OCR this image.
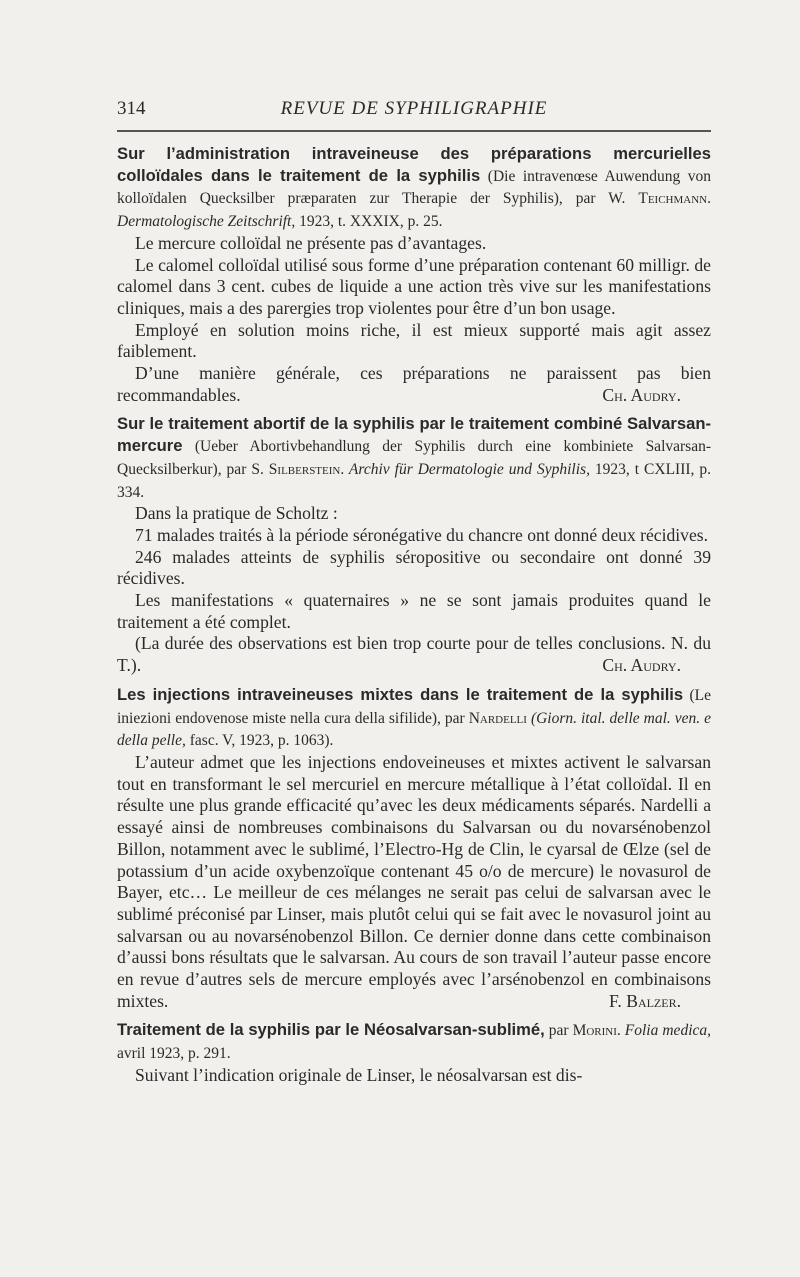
314	REVUE DE SYPHILIGRAPHIE

Sur l’administration intraveineuse des préparations mercurielles colloïdales dans le traitement de la syphilis (Die intravenœse Auwendung von kolloïdalen Quecksilber præparaten zur Therapie der Syphilis), par W. Teichmann. Dermatologische Zeitschrift, 1923, t. XXXIX, p. 25.

Le mercure colloïdal ne présente pas d’avantages.

Le calomel colloïdal utilisé sous forme d’une préparation contenant 60 milligr. de calomel dans 3 cent. cubes de liquide a une action très vive sur les manifestations cliniques, mais a des parergies trop violentes pour être d’un bon usage.

Employé en solution moins riche, il est mieux supporté mais agit assez faiblement.

D’une manière générale, ces préparations ne paraissent pas bien recommandables.	Ch. Audry.

Sur le traitement abortif de la syphilis par le traitement combiné Salvarsan-mercure (Ueber Abortivbehandlung der Syphilis durch eine kombiniete Salvarsan-Quecksilberkur), par S. Silberstein. Archiv für Dermatologie und Syphilis, 1923, t CXLIII, p. 334.

Dans la pratique de Scholtz :

71 malades traités à la période séronégative du chancre ont donné deux récidives.

246 malades atteints de syphilis séropositive ou secondaire ont donné 39 récidives.

Les manifestations « quaternaires » ne se sont jamais produites quand le traitement a été complet.

(La durée des observations est bien trop courte pour de telles conclusions. N. du T.).	Ch. Audry.

Les injections intraveineuses mixtes dans le traitement de la syphilis (Le iniezioni endovenose miste nella cura della sifilide), par Nardelli (Giorn. ital. delle mal. ven. e della pelle, fasc. V, 1923, p. 1063).

L’auteur admet que les injections endoveineuses et mixtes activent le salvarsan tout en transformant le sel mercuriel en mercure métallique à l’état colloïdal. Il en résulte une plus grande efficacité qu’avec les deux médicaments séparés. Nardelli a essayé ainsi de nombreuses combinaisons du Salvarsan ou du novarsénobenzol Billon, notamment avec le sublimé, l’Electro-Hg de Clin, le cyarsal de Œlze (sel de potassium d’un acide oxybenzoïque contenant 45 o/o de mercure) le novasurol de Bayer, etc… Le meilleur de ces mélanges ne serait pas celui de salvarsan avec le sublimé préconisé par Linser, mais plutôt celui qui se fait avec le novasurol joint au salvarsan ou au novarsénobenzol Billon. Ce dernier donne dans cette combinaison d’aussi bons résultats que le salvarsan. Au cours de son travail l’auteur passe encore en revue d’autres sels de mercure employés avec l’arsénobenzol en combinaisons mixtes.	F. Balzer.

Traitement de la syphilis par le Néosalvarsan-sublimé, par Morini. Folia medica, avril 1923, p. 291.

Suivant l’indication originale de Linser, le néosalvarsan est dis-
